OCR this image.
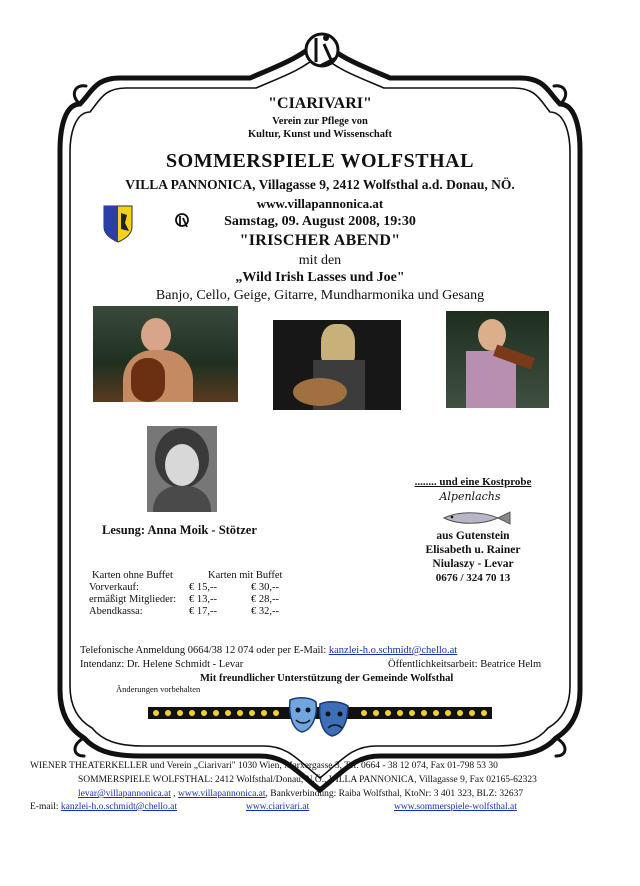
"CIARIVARI"
Verein zur Pflege von
Kultur, Kunst und Wissenschaft
SOMMERSPIELE WOLFSTHAL
VILLA PANNONICA, Villagasse 9, 2412 Wolfsthal a.d. Donau, NÖ.
www.villapannonica.at
Samstag, 09. August 2008, 19:30
"IRISCHER ABEND"
mit den
„Wild Irish Lasses und Joe"
Banjo, Cello, Geige, Gitarre, Mundharmonika und Gesang
Lesung: Anna Moik - Stötzer
........ und eine Kostprobe
Alpenlachs
aus Gutenstein
Elisabeth u. Rainer
Niulaszy - Levar
0676 / 324 70 13
Karten ohne Buffet	Karten mit Buffet
Vorverkauf:	€ 15,--	€ 30,--
ermäßigt Mitglieder:	€ 13,--	€ 28,--
Abendkassa:	€ 17,--	€ 32,--
Telefonische Anmeldung 0664/38 12 074 oder per E-Mail: kanzlei-h.o.schmidt@chello.at
Intendanz: Dr. Helene Schmidt - Levar	Öffentlichkeitsarbeit: Beatrice Helm
Mit freundlicher Unterstützung der Gemeinde Wolfsthal
Änderungen vorbehalten
WIENER THEATERKELLER und Verein „Ciarivari" 1030 Wien, Marxergasse 3, Tel. 0664 - 38 12 074, Fax 01-798 53 30
SOMMERSPIELE WOLFSTHAL: 2412 Wolfsthal/Donau, N.Ö., VILLA PANNONICA, Villagasse 9, Fax 02165-62323
levar@villapannonica.at , www.villapannonica.at, Bankverbindung: Raiba Wolfsthal, KtoNr: 3 401 323, BLZ: 32637
E-mail: kanzlei-h.o.schmidt@chello.at	www.ciarivari.at	www.sommerspiele-wolfsthal.at
